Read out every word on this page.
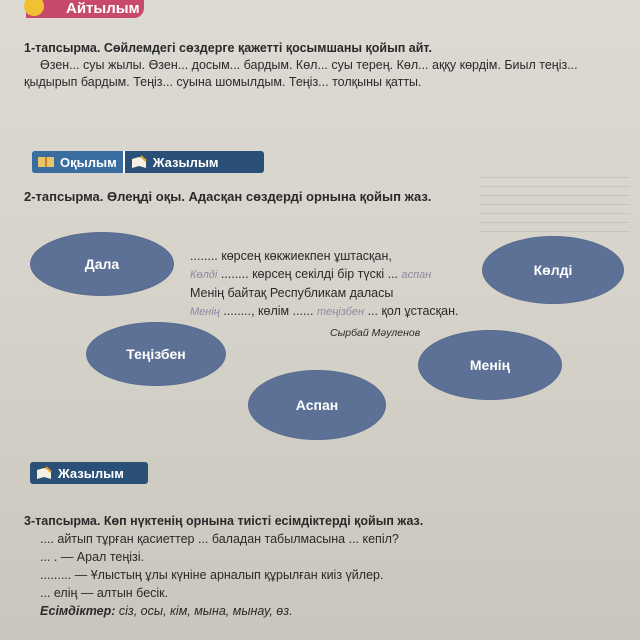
Айтылым
1-тапсырма. Сөйлемдегі сөздерге қажетті қосымшаны қойып айт.
Өзен... суы жылы. Өзен... досым... бардым. Көл... суы терең. Көл... аққу көрдім. Биыл теңіз...
қыдырып бардым. Теңіз... суына шомылдым. Теңіз... толқыны қатты.
Оқылым	Жазылым
2-тапсырма. Өлеңді оқы. Адасқан сөздерді орнына қойып жаз.
Дала	Көлді
Теңізбен
Менің
Аспан
........ көрсең көкжиекпен ұштасқан,
Көлді ........ көрсең секілді бір түскі ... аспан
Менің байтақ Республикам даласы
Менің ........, көлім ...... теңізбен ... қол ұстасқан.
Сырбай Мәуленов
Жазылым
3-тапсырма. Көп нүктенің орнына тиісті есімдіктерді қойып жаз.
.... айтып тұрған қасиеттер ... баладан табылмасына ... кепіл?
... . — Арал теңізі.
......... — Ұлыстың ұлы күніне арналып құрылған киіз үйлер.
... елің — алтын бесік.
Есімдіктер: сіз, осы, кім, мына, мынау, өз.
